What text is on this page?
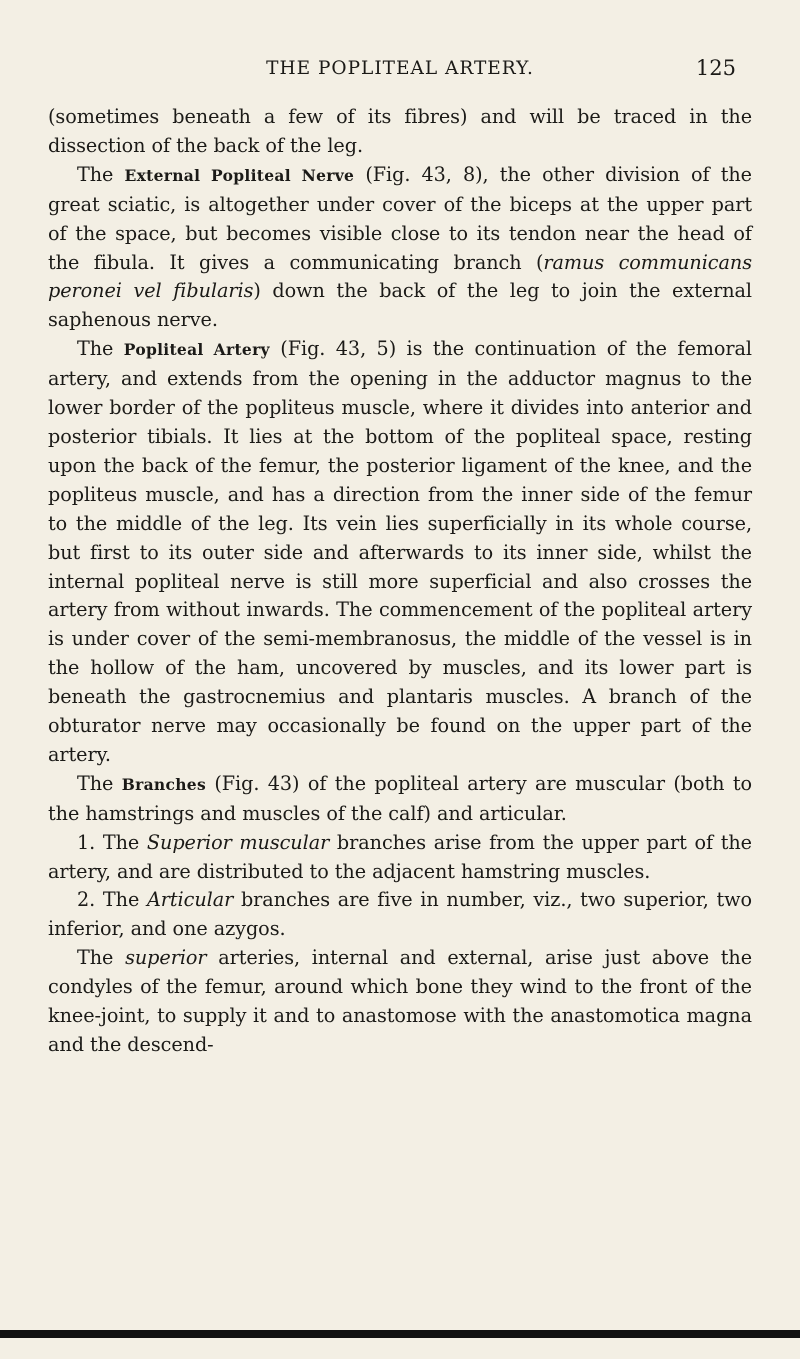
THE POPLITEAL ARTERY.	125

(sometimes beneath a few of its fibres) and will be traced in the dissection of the back of the leg.

The External Popliteal Nerve (Fig. 43, 8), the other division of the great sciatic, is altogether under cover of the biceps at the upper part of the space, but becomes visible close to its tendon near the head of the fibula. It gives a communicating branch (ramus communicans peronei vel fibularis) down the back of the leg to join the external saphenous nerve.

The Popliteal Artery (Fig. 43, 5) is the continuation of the femoral artery, and extends from the opening in the adductor magnus to the lower border of the popliteus muscle, where it divides into anterior and posterior tibials. It lies at the bottom of the popliteal space, resting upon the back of the femur, the posterior ligament of the knee, and the popliteus muscle, and has a direction from the inner side of the femur to the middle of the leg. Its vein lies superficially in its whole course, but first to its outer side and afterwards to its inner side, whilst the internal popliteal nerve is still more superficial and also crosses the artery from without inwards. The commencement of the popliteal artery is under cover of the semi-membranosus, the middle of the vessel is in the hollow of the ham, uncovered by muscles, and its lower part is beneath the gastrocnemius and plantaris muscles. A branch of the obturator nerve may occasionally be found on the upper part of the artery.

The Branches (Fig. 43) of the popliteal artery are muscular (both to the hamstrings and muscles of the calf) and articular.

1. The Superior muscular branches arise from the upper part of the artery, and are distributed to the adjacent hamstring muscles.

2. The Articular branches are five in number, viz., two superior, two inferior, and one azygos.

The superior arteries, internal and external, arise just above the condyles of the femur, around which bone they wind to the front of the knee-joint, to supply it and to anastomose with the anastomotica magna and the descend-
